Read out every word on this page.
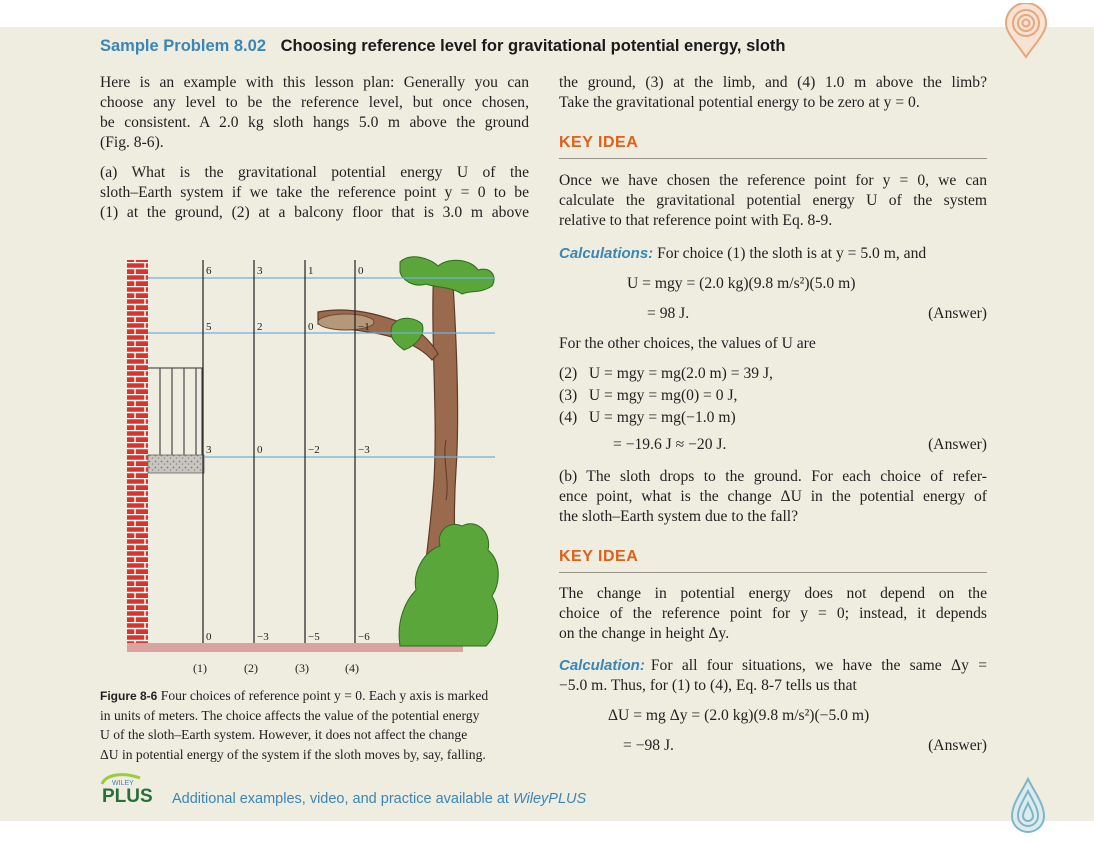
Sample Problem 8.02 Choosing reference level for gravitational potential energy, sloth
Here is an example with this lesson plan: Generally you can
choose any level to be the reference level, but once chosen,
be consistent. A 2.0 kg sloth hangs 5.0 m above the ground
(Fig. 8-6).
(a) What is the gravitational potential energy U of the
sloth–Earth system if we take the reference point y = 0 to be
(1) at the ground, (2) at a balcony floor that is 3.0 m above
6
5
3
0
3
2
0
−3
1
0
−2
−5
0
−1
−3
−6
(1)	(2)	(3)	(4)
Figure 8-6 Four choices of reference point y = 0. Each y axis is marked
in units of meters. The choice affects the value of the potential energy
U of the sloth–Earth system. However, it does not affect the change
ΔU in potential energy of the system if the sloth moves by, say, falling.
the ground, (3) at the limb, and (4) 1.0 m above the limb?
Take the gravitational potential energy to be zero at y = 0.
KEY IDEA
Once we have chosen the reference point for y = 0, we can
calculate the gravitational potential energy U of the system
relative to that reference point with Eq. 8-9.
Calculations: For choice (1) the sloth is at y = 5.0 m, and
U = mgy = (2.0 kg)(9.8 m/s²)(5.0 m)
= 98 J.	(Answer)
For the other choices, the values of U are
(2)   U = mgy = mg(2.0 m) = 39 J,
(3)   U = mgy = mg(0) = 0 J,
(4)   U = mgy = mg(−1.0 m)
= −19.6 J ≈ −20 J.	(Answer)
(b) The sloth drops to the ground. For each choice of refer-
ence point, what is the change ΔU in the potential energy of
the sloth–Earth system due to the fall?
KEY IDEA
The change in potential energy does not depend on the
choice of the reference point for y = 0; instead, it depends
on the change in height Δy.
Calculation: For all four situations, we have the same Δy =
−5.0 m. Thus, for (1) to (4), Eq. 8-7 tells us that
ΔU = mg Δy = (2.0 kg)(9.8 m/s²)(−5.0 m)
= −98 J.	(Answer)
WILEY
PLUS Additional examples, video, and practice available at WileyPLUS
